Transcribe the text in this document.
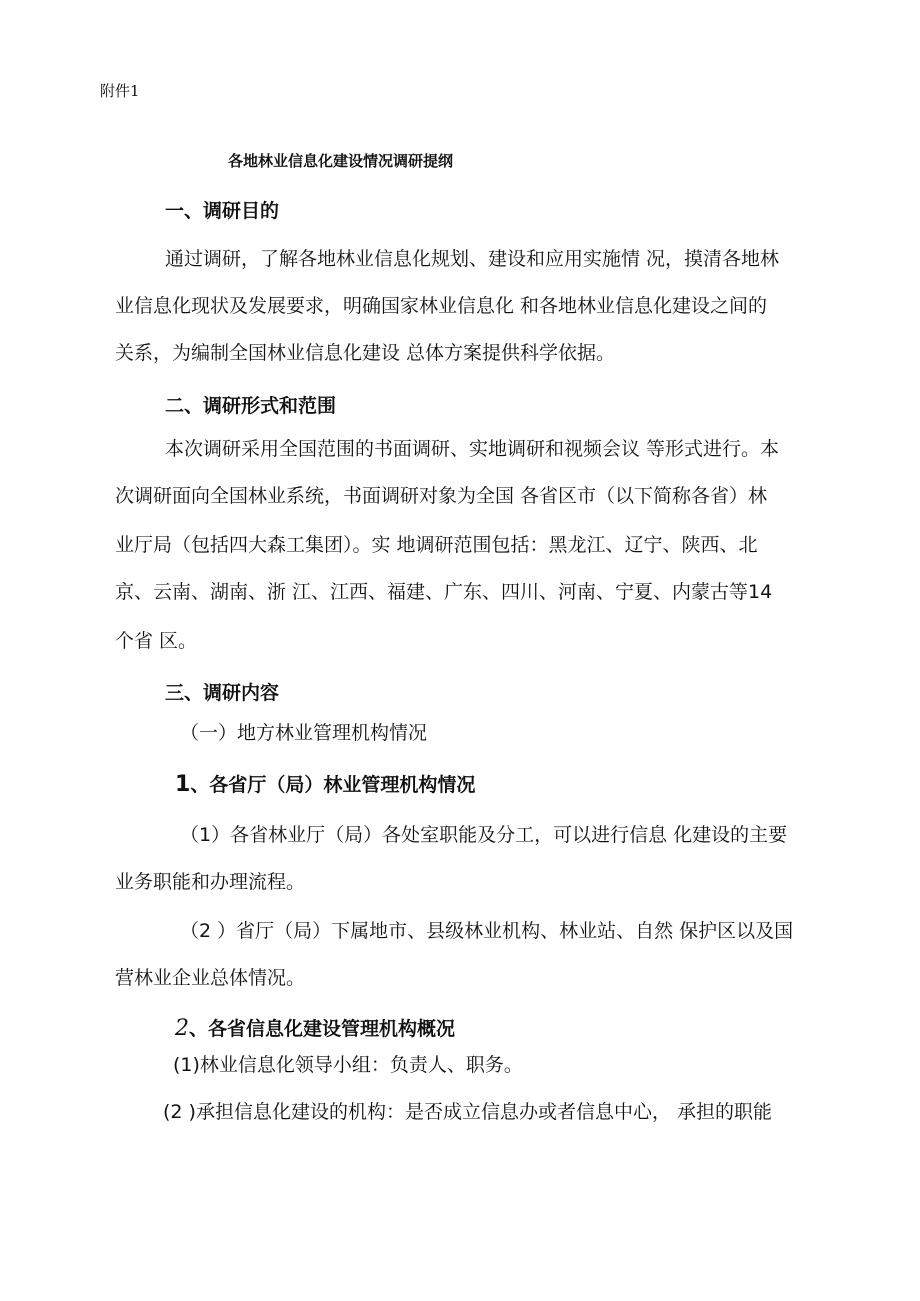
附件1
各地林业信息化建设情况调研提纲
一、调研目的
通过调研，了解各地林业信息化规划、建设和应用实施情 况，摸清各地林
业信息化现状及发展要求，明确国家林业信息化 和各地林业信息化建设之间的
关系，为编制全国林业信息化建设 总体方案提供科学依据。
二、调研形式和范围
本次调研采用全国范围的书面调研、实地调研和视频会议 等形式进行。本
次调研面向全国林业系统，书面调研对象为全国 各省区市（以下简称各省）林
业厅局（包括四大森工集团）。实 地调研范围包括：黑龙江、辽宁、陕西、北
京、云南、湖南、浙 江、江西、福建、广东、四川、河南、宁夏、内蒙古等14
个省 区。
三、调研内容
（一）地方林业管理机构情况
1、各省厅（局）林业管理机构情况
（1）各省林业厅（局）各处室职能及分工，可以进行信息 化建设的主要
业务职能和办理流程。
（2 ）省厅（局）下属地市、县级林业机构、林业站、自然 保护区以及国
营林业企业总体情况。
2、各省信息化建设管理机构概况
(1)林业信息化领导小组：负责人、职务。
(2 )承担信息化建设的机构：是否成立信息办或者信息中心， 承担的职能
